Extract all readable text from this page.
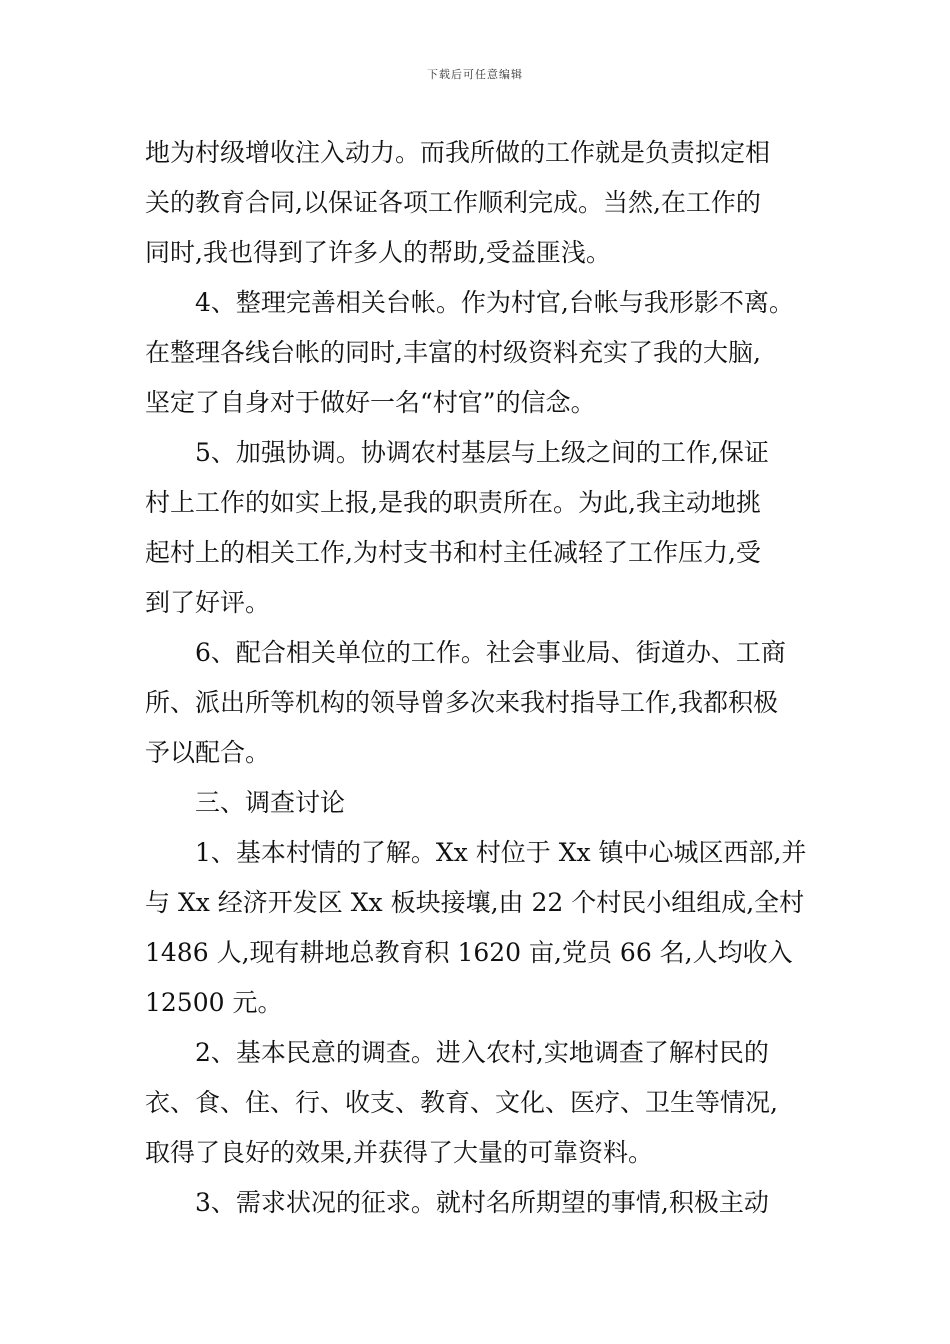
下载后可任意编辑
地为村级增收注入动力。而我所做的工作就是负责拟定相
关的教育合同,以保证各项工作顺利完成。当然,在工作的
同时,我也得到了许多人的帮助,受益匪浅。
4、整理完善相关台帐。作为村官,台帐与我形影不离。
在整理各线台帐的同时,丰富的村级资料充实了我的大脑,
坚定了自身对于做好一名“村官”的信念。
5、加强协调。协调农村基层与上级之间的工作,保证
村上工作的如实上报,是我的职责所在。为此,我主动地挑
起村上的相关工作,为村支书和村主任减轻了工作压力,受
到了好评。
6、配合相关单位的工作。社会事业局、街道办、工商
所、派出所等机构的领导曾多次来我村指导工作,我都积极
予以配合。
三、调查讨论
1、基本村情的了解。Xx 村位于 Xx 镇中心城区西部,并
与 Xx 经济开发区 Xx 板块接壤,由 22 个村民小组组成,全村
1486 人,现有耕地总教育积 1620 亩,党员 66 名,人均收入
12500 元。
2、基本民意的调查。进入农村,实地调查了解村民的
衣、食、住、行、收支、教育、文化、医疗、卫生等情况,
取得了良好的效果,并获得了大量的可靠资料。
3、需求状况的征求。就村名所期望的事情,积极主动
